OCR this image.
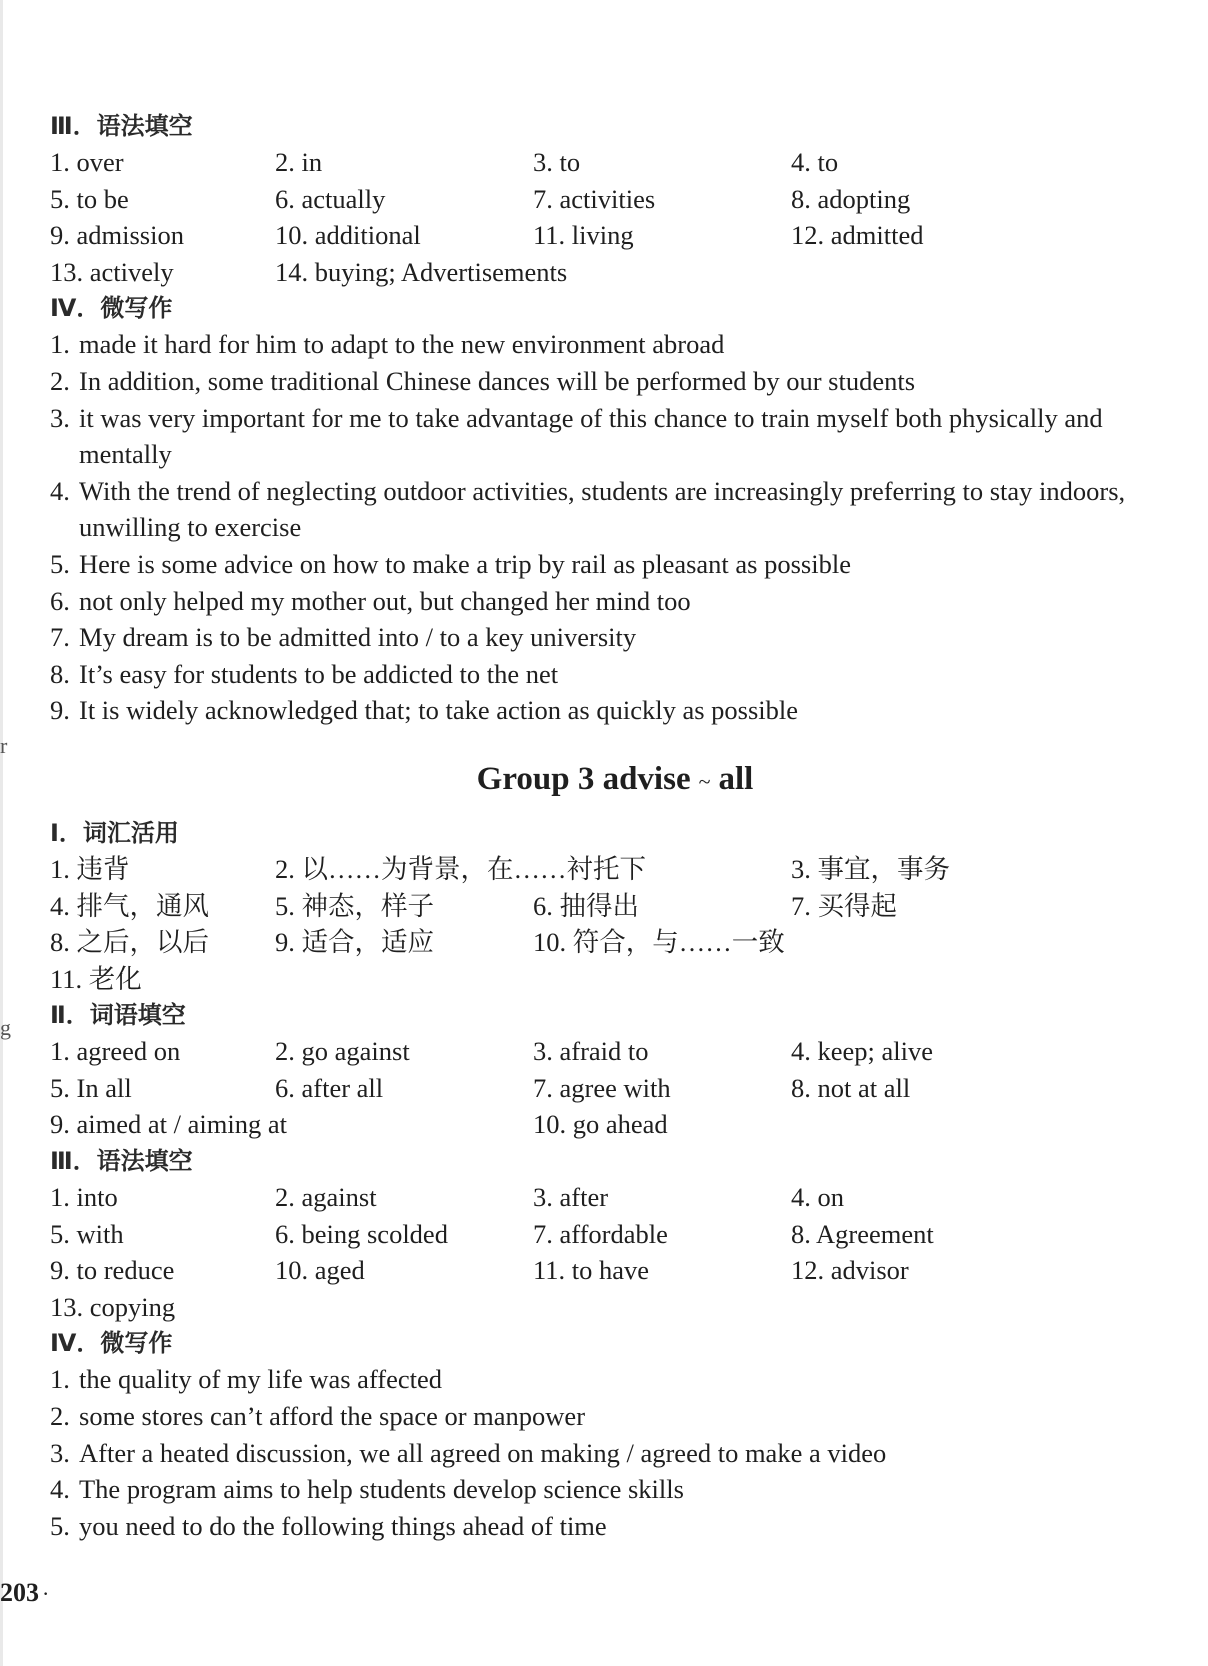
r
g
Ⅲ．语法填空
1. over	2. in	3. to	4. to
5. to be	6. actually	7. activities	8. adopting
9. admission	10. additional	11. living	12. admitted
13. actively	14. buying; Advertisements
Ⅳ．微写作
1. made it hard for him to adapt to the new environment abroad
2. In addition, some traditional Chinese dances will be performed by our students
3. it was very important for me to take advantage of this chance to train myself both physically and mentally
4. With the trend of neglecting outdoor activities, students are increasingly preferring to stay indoors, unwilling to exercise
5. Here is some advice on how to make a trip by rail as pleasant as possible
6. not only helped my mother out, but changed her mind too
7. My dream is to be admitted into / to a key university
8. It’s easy for students to be addicted to the net
9. It is widely acknowledged that; to take action as quickly as possible
Group 3 advise ~ all
Ⅰ．词汇活用
1. 违背	2. 以……为背景，在……衬托下	3. 事宜，事务
4. 排气，通风	5. 神态，样子	6. 抽得出	7. 买得起
8. 之后，以后	9. 适合，适应	10. 符合，与……一致
11. 老化
Ⅱ．词语填空
1. agreed on	2. go against	3. afraid to	4. keep; alive
5. In all	6. after all	7. agree with	8. not at all
9. aimed at / aiming at	10. go ahead
Ⅲ．语法填空
1. into	2. against	3. after	4. on
5. with	6. being scolded	7. affordable	8. Agreement
9. to reduce	10. aged	11. to have	12. advisor
13. copying
Ⅳ．微写作
1. the quality of my life was affected
2. some stores can’t afford the space or manpower
3. After a heated discussion, we all agreed on making / agreed to make a video
4. The program aims to help students develop science skills
5. you need to do the following things ahead of time
203 ·
